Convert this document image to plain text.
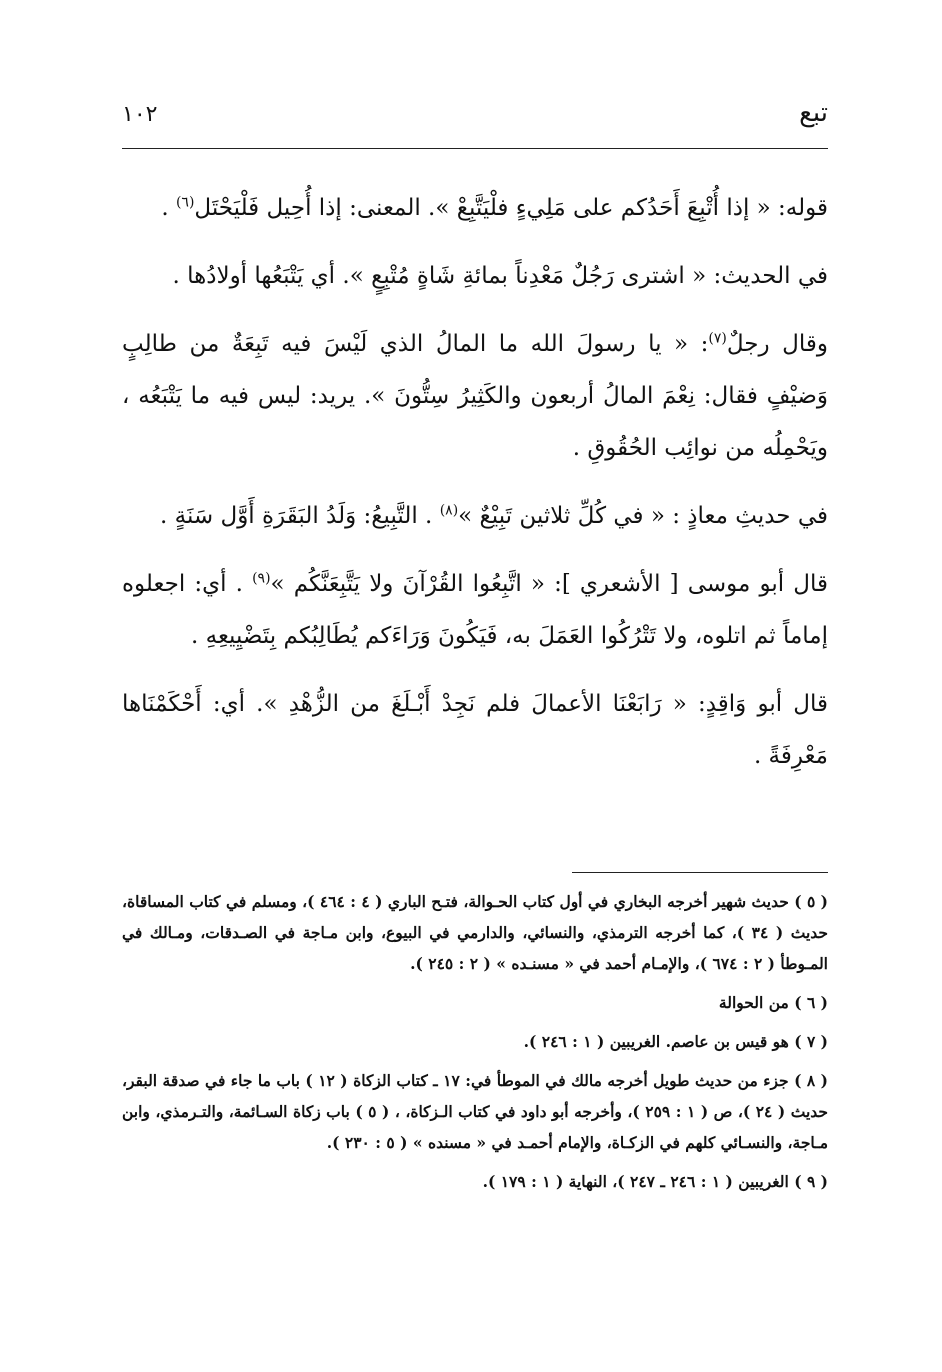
تبع
١٠٢

قوله: « إذا أُتْبِعَ أَحَدُكم على مَلِيءٍ فلْيَتَّبِعْ ». المعنى: إذا أُحِيل فَلْيَحْتَل$^{(٦)}$ .

في الحديث: « اشترى رَجُلٌ مَعْدِناً بمائةِ شَاةٍ مُتْبِعٍ ». أي يَتْبَعُها أولادُها .

وقال رجلٌ$^{(٧)}$: « يا رسولَ الله ما المالُ الذي لَيْسَ فيه تَبِعَةٌ من طالِبٍ وَضيْفٍ فقال: نِعْمَ المالُ أربعون والكَثِيرُ سِتُّونَ ». يريد: ليس فيه ما يَتْبَعُه ، ويَحْمِلُه من نوائِب الحُقُوقِ .

في حديثِ معاذٍ : « في كُلِّ ثلاثين تَبِيْعٌ »$^{(٨)}$ . التَّبِيعُ: وَلَدُ البَقَرَةِ أَوَّل سَنَةٍ .

قال أبو موسى [ الأشعري ]: « اتَّبِعُوا القُرْآنَ ولا يَتَّبِعَنَّكُم »$^{(٩)}$ . أي: اجعلوه إماماً ثم اتلوه، ولا تَتْرُكُوا العَمَلَ به، فَيَكُونَ وَرَاءَكم يُطَالِبُكم بِتَضْيِيعِهِ .

قال أبو وَاقِدٍ: « رَابَعْنَا الأعمالَ فلم نَجِدْ أَبْـلَغَ من الزُّهْدِ ». أي: أَحْكَمْنَاها مَعْرِفَةً .

( ٥ ) حديث شهير أخرجه البخاري في أول كتاب الحـوالة، فتـح الباري ( ٤ : ٤٦٤ )، ومسلم في كتاب المساقاة، حديث ( ٣٤ )، كما أخرجه الترمذي، والنسائي، والدارمي في البيوع، وابن مـاجة في الصـدقات، ومـالك في المـوطأ ( ٢ : ٦٧٤ )، والإمـام أحمد في « مسنـده » ( ٢ : ٢٤٥ ).

( ٦ ) من الحوالة

( ٧ ) هو قيس بن عاصم. الغريبين ( ١ : ٢٤٦ ).

( ٨ ) جزء من حديث طويل أخرجه مالك في الموطأ في: ١٧ ـ كتاب الزكاة ( ١٢ ) باب ما جاء في صدقة البقر، حديث ( ٢٤ )، ص ( ١ : ٢٥٩ )، وأخرجه أبو داود في كتاب الـزكاة، ، ( ٥ ) باب زكاة السـائمة، والتـرمذي، وابن مـاجة، والنسـائي كلهم في الزكـاة، والإمام أحمـد في « مسنده » ( ٥ : ٢٣٠ ).

( ٩ ) الغريبين ( ١ : ٢٤٦ ـ ٢٤٧ )، النهاية ( ١ : ١٧٩ ).
